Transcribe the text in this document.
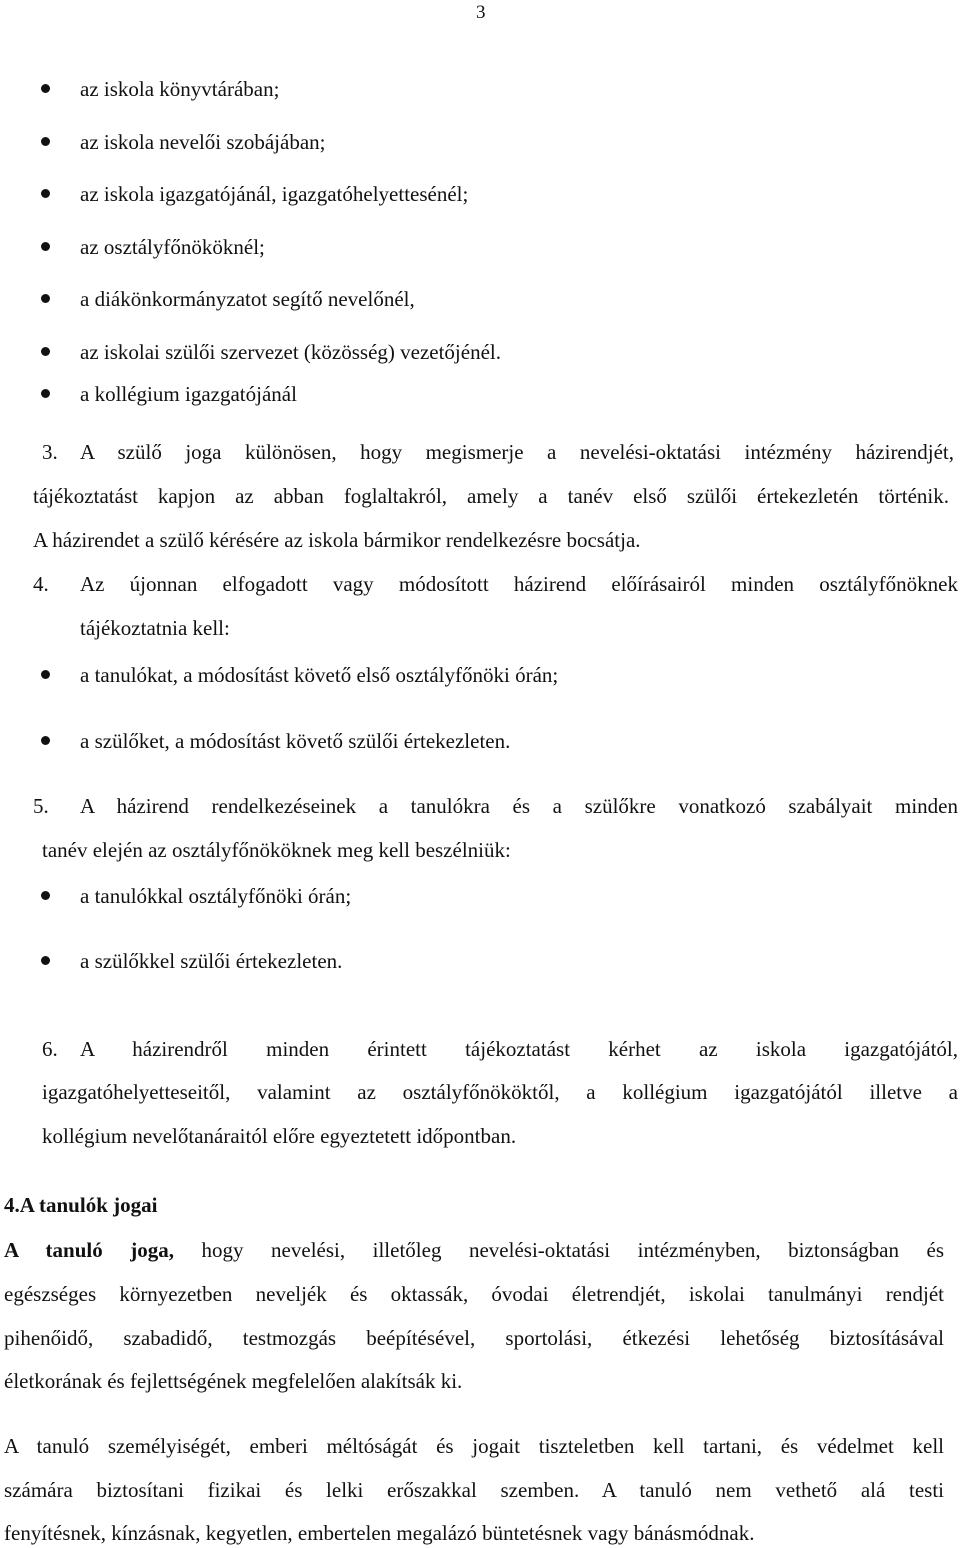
3
az iskola könyvtárában;
az iskola nevelői szobájában;
az iskola igazgatójánál, igazgatóhelyettesénél;
az osztályfőnököknél;
a diákönkormányzatot segítő nevelőnél,
az iskolai szülői szervezet (közösség) vezetőjénél.
a kollégium igazgatójánál
3. A szülő joga különösen, hogy megismerje a nevelési-oktatási intézmény házirendjét,
tájékoztatást kapjon az abban foglaltakról, amely a tanév első szülői értekezletén történik.
A házirendet a szülő kérésére az iskola bármikor rendelkezésre bocsátja.
4. Az újonnan elfogadott vagy módosított házirend előírásairól minden osztályfőnöknek
tájékoztatnia kell:
a tanulókat, a módosítást követő első osztályfőnöki órán;
a szülőket, a módosítást követő szülői értekezleten.
5. A házirend rendelkezéseinek a tanulókra és a szülőkre vonatkozó szabályait minden
tanév elején az osztályfőnököknek meg kell beszélniük:
a tanulókkal osztályfőnöki órán;
a szülőkkel szülői értekezleten.
6. A házirendről minden érintett tájékoztatást kérhet az iskola igazgatójától,
igazgatóhelyetteseitől, valamint az osztályfőnököktől, a kollégium igazgatójától illetve a
kollégium nevelőtanáraitól előre egyeztetett időpontban.
4.A tanulók jogai
A tanuló joga, hogy nevelési, illetőleg nevelési-oktatási intézményben, biztonságban és
egészséges környezetben neveljék és oktassák, óvodai életrendjét, iskolai tanulmányi rendjét
pihenőidő, szabadidő, testmozgás beépítésével, sportolási, étkezési lehetőség biztosításával
életkorának és fejlettségének megfelelően alakítsák ki.
A tanuló személyiségét, emberi méltóságát és jogait tiszteletben kell tartani, és védelmet kell
számára biztosítani fizikai és lelki erőszakkal szemben. A tanuló nem vethető alá testi
fenyítésnek, kínzásnak, kegyetlen, embertelen megalázó büntetésnek vagy bánásmódnak.
